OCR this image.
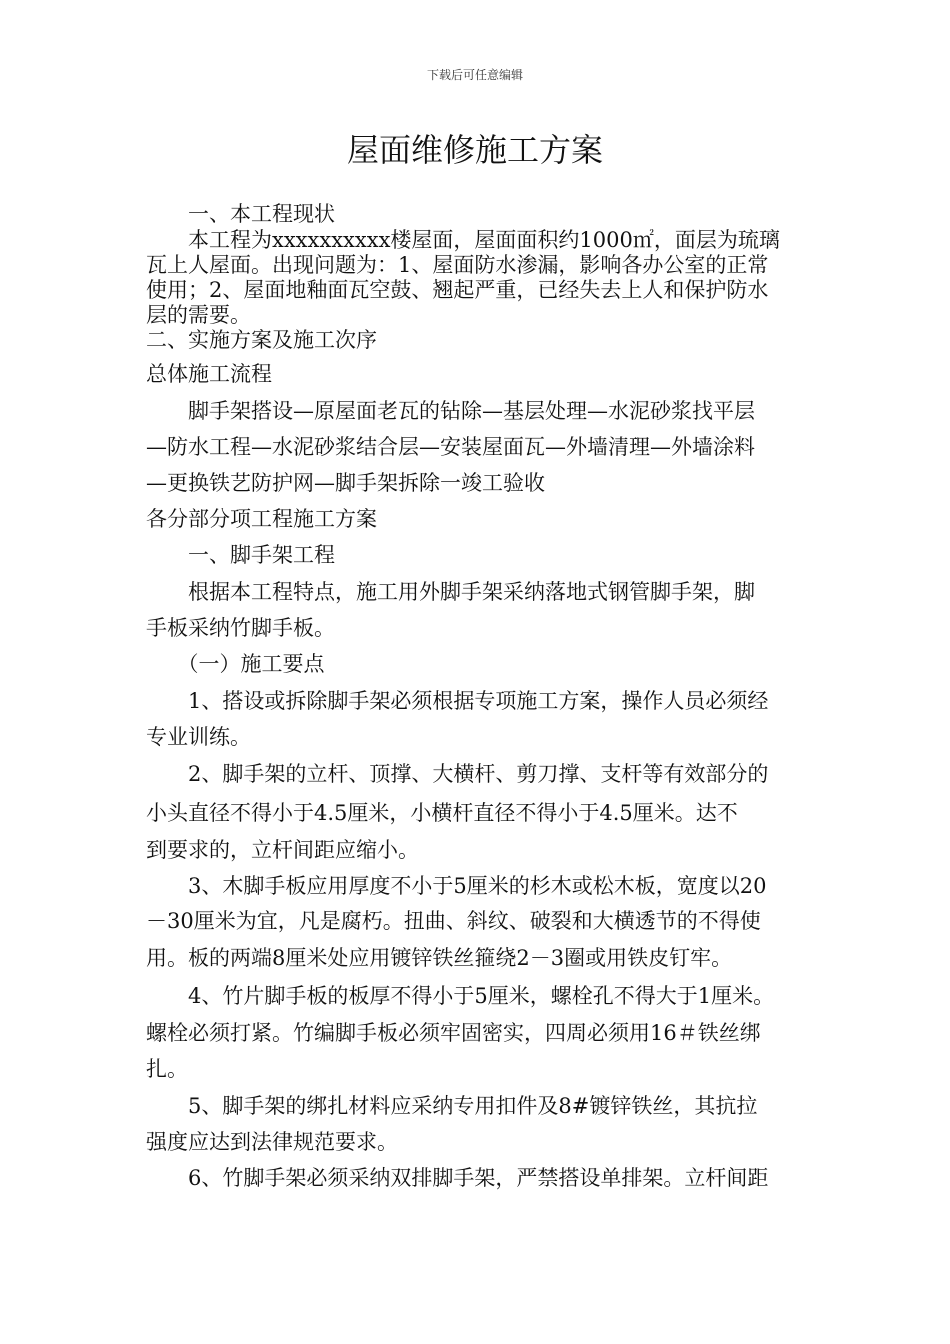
下载后可任意编辑
屋面维修施工方案
　　一、本工程现状
　　本工程为xxxxxxxxxx楼屋面，屋面面积约1000㎡，面层为琉璃
瓦上人屋面。出现问题为：1、屋面防水渗漏，影响各办公室的正常
使用；2、屋面地釉面瓦空鼓、翘起严重，已经失去上人和保护防水
层的需要。
二、实施方案及施工次序
总体施工流程
　　脚手架搭设—原屋面老瓦的钻除—基层处理—水泥砂浆找平层
—防水工程—水泥砂浆结合层—安装屋面瓦—外墙清理—外墙涂料
—更换铁艺防护网—脚手架拆除一竣工验收
各分部分项工程施工方案
　　一、脚手架工程
　　根据本工程特点，施工用外脚手架采纳落地式钢管脚手架，脚
手板采纳竹脚手板。
　　（一）施工要点
　　1、搭设或拆除脚手架必须根据专项施工方案，操作人员必须经
专业训练。
　　2、脚手架的立杆、顶撑、大横杆、剪刀撑、支杆等有效部分的
小头直径不得小于4.5厘米，小横杆直径不得小于4.5厘米。达不
到要求的，立杆间距应缩小。
　　3、木脚手板应用厚度不小于5厘米的杉木或松木板，宽度以20
－30厘米为宜，凡是腐朽。扭曲、斜纹、破裂和大横透节的不得使
用。板的两端8厘米处应用镀锌铁丝箍绕2－3圈或用铁皮钉牢。
　　4、竹片脚手板的板厚不得小于5厘米，螺栓孔不得大于1厘米。
螺栓必须打紧。竹编脚手板必须牢固密实，四周必须用16＃铁丝绑
扎。
　　5、脚手架的绑扎材料应采纳专用扣件及8#镀锌铁丝，其抗拉
强度应达到法律规范要求。
　　6、竹脚手架必须采纳双排脚手架，严禁搭设单排架。立杆间距
